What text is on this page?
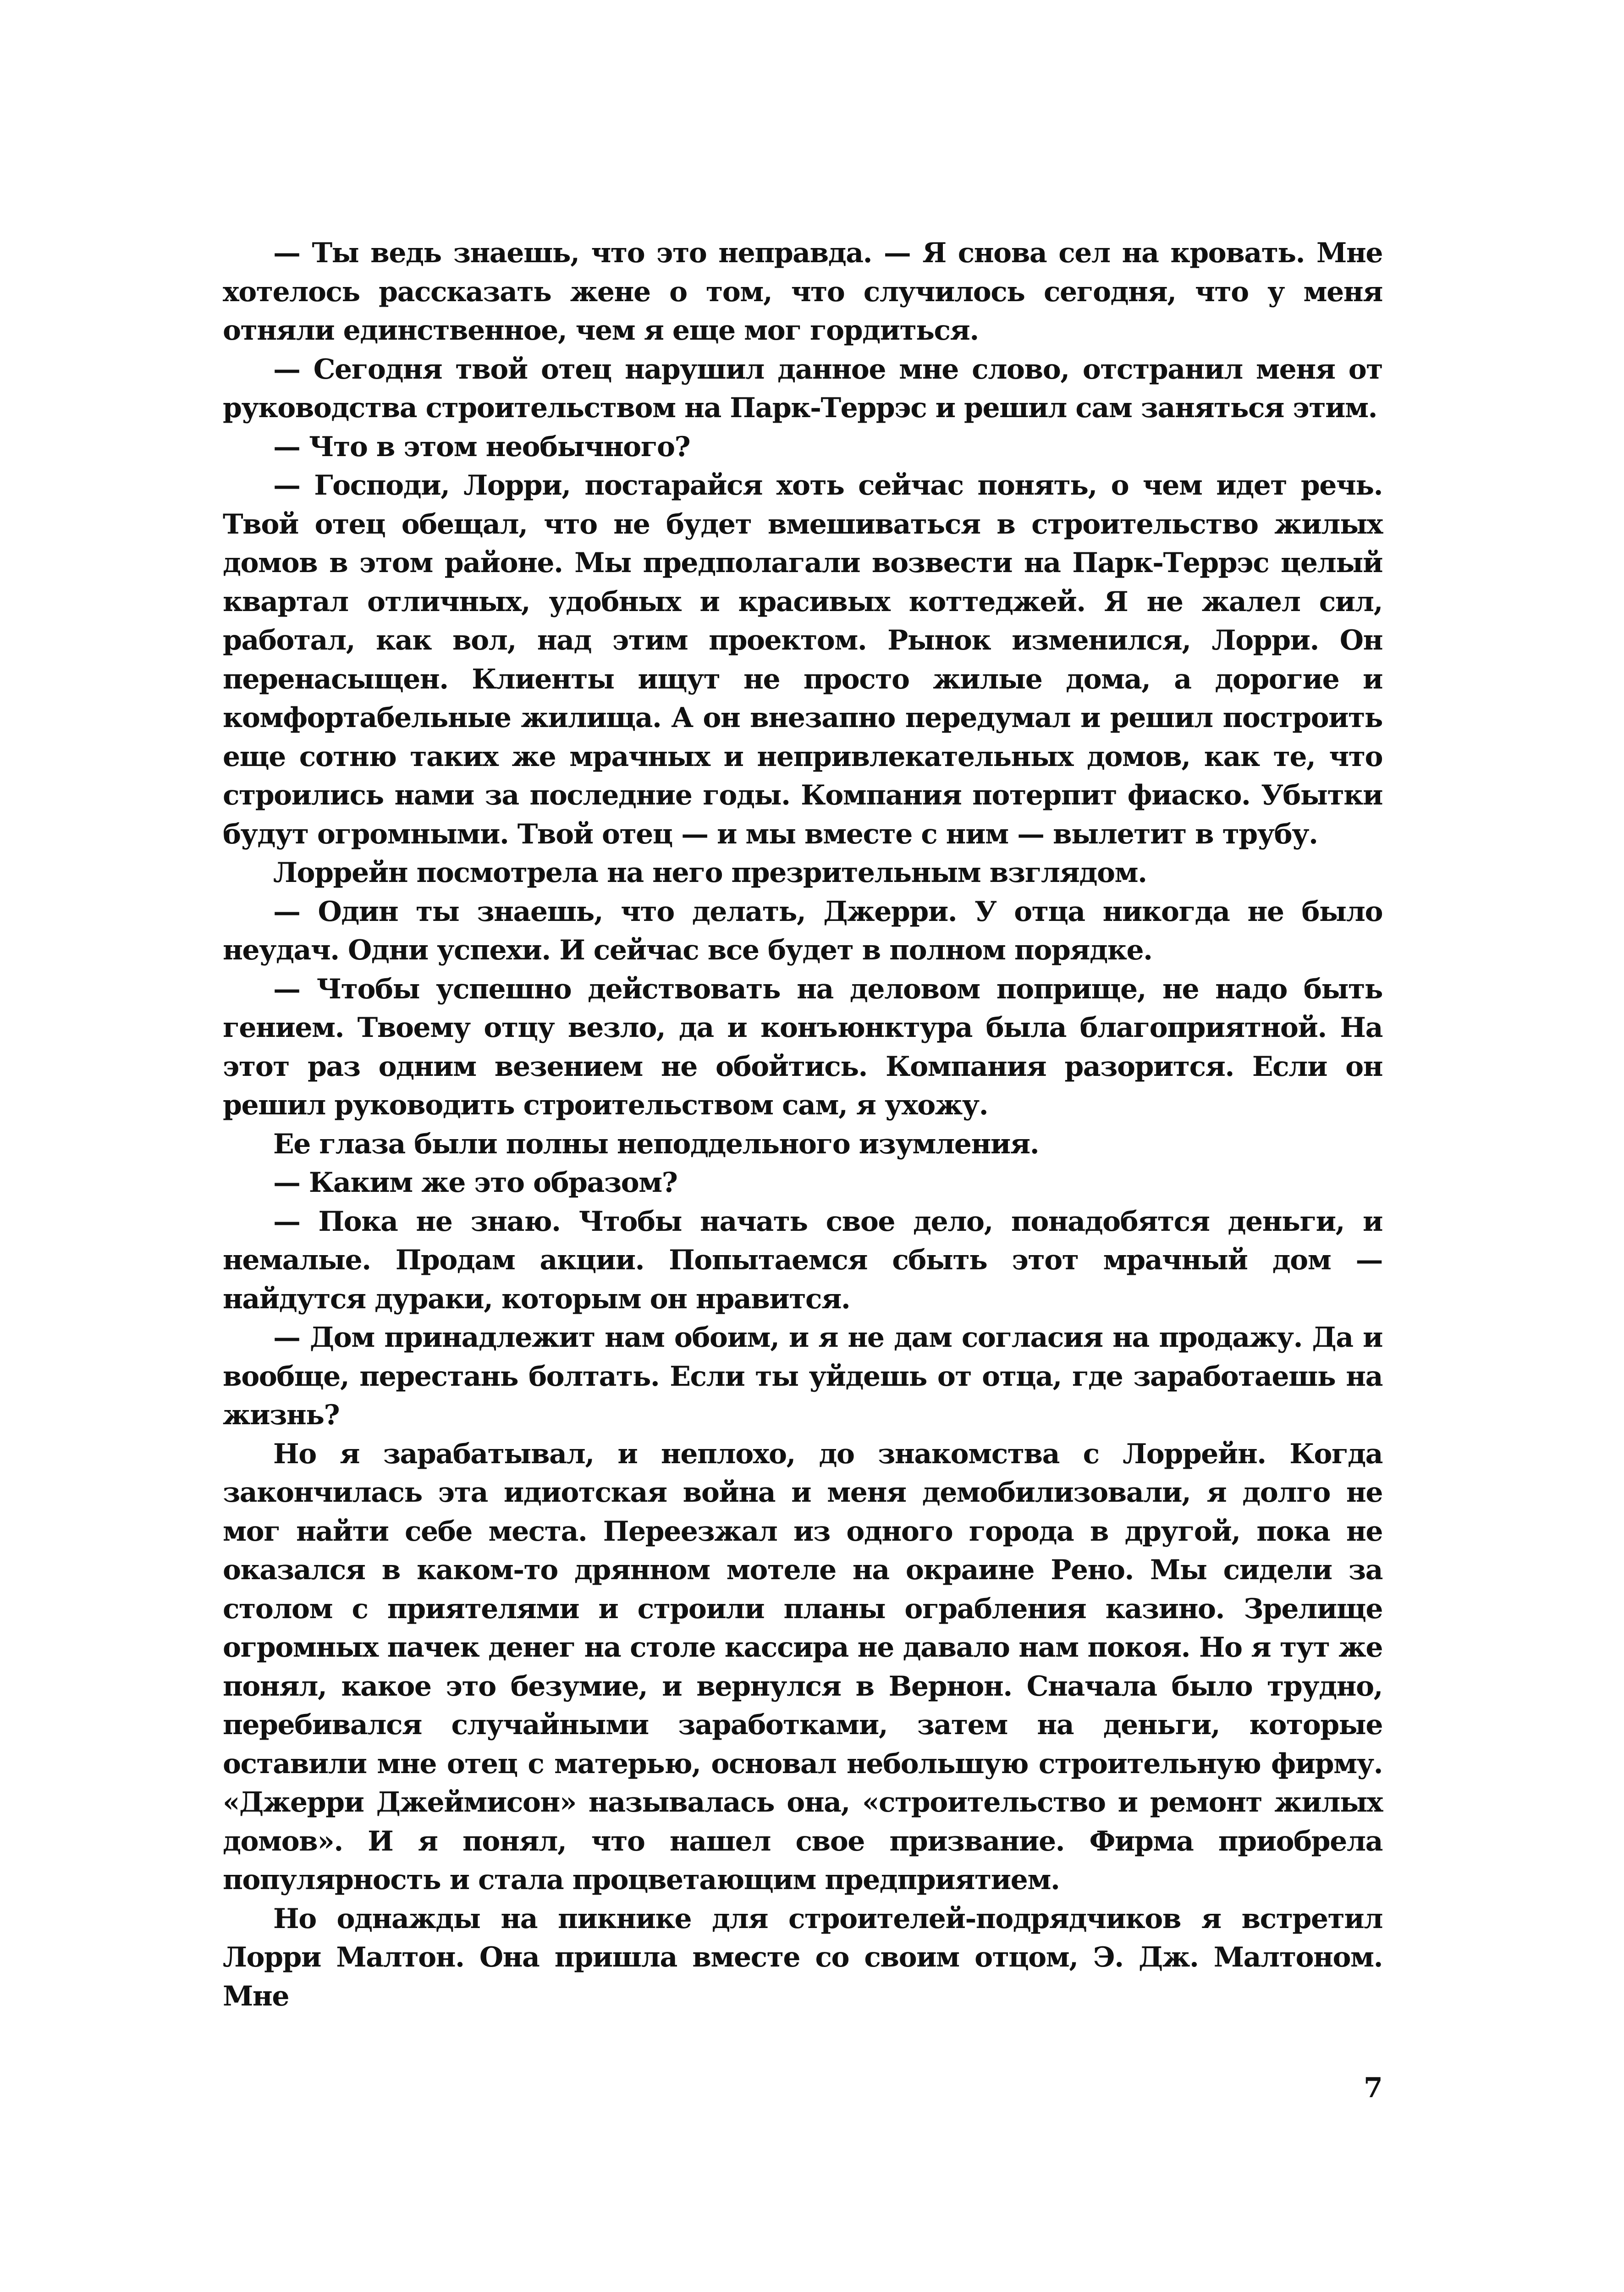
— Ты ведь знаешь, что это неправда. — Я снова сел на кровать. Мне хотелось рассказать жене о том, что случилось сегодня, что у меня отняли единственное, чем я еще мог гордиться.

— Сегодня твой отец нарушил данное мне слово, отстранил меня от руководства строительством на Парк-Террэс и решил сам заняться этим.

— Что в этом необычного?

— Господи, Лорри, постарайся хоть сейчас понять, о чем идет речь. Твой отец обещал, что не будет вмешиваться в строительство жилых домов в этом районе. Мы предполагали возвести на Парк-Террэс целый квартал отличных, удобных и красивых коттеджей. Я не жалел сил, работал, как вол, над этим проектом. Рынок изменился, Лорри. Он перенасыщен. Клиенты ищут не просто жилые дома, а дорогие и комфортабельные жилища. А он внезапно передумал и решил построить еще сотню таких же мрачных и непривлекательных домов, как те, что строились нами за последние годы. Компания потерпит фиаско. Убытки будут огромными. Твой отец — и мы вместе с ним — вылетит в трубу.

Лоррейн посмотрела на него презрительным взглядом.

— Один ты знаешь, что делать, Джерри. У отца никогда не было неудач. Одни успехи. И сейчас все будет в полном порядке.

— Чтобы успешно действовать на деловом поприще, не надо быть гением. Твоему отцу везло, да и конъюнктура была благоприятной. На этот раз одним везением не обойтись. Компания разорится. Если он решил руководить строительством сам, я ухожу.

Ее глаза были полны неподдельного изумления.

— Каким же это образом?

— Пока не знаю. Чтобы начать свое дело, понадобятся деньги, и немалые. Продам акции. Попытаемся сбыть этот мрачный дом — найдутся дураки, которым он нравится.

— Дом принадлежит нам обоим, и я не дам согласия на продажу. Да и вообще, перестань болтать. Если ты уйдешь от отца, где заработаешь на жизнь?

Но я зарабатывал, и неплохо, до знакомства с Лоррейн. Когда закончилась эта идиотская война и меня демобилизовали, я долго не мог найти себе места. Переезжал из одного города в другой, пока не оказался в каком-то дрянном мотеле на окраине Рено. Мы сидели за столом с приятелями и строили планы ограбления казино. Зрелище огромных пачек денег на столе кассира не давало нам покоя. Но я тут же понял, какое это безумие, и вернулся в Вернон. Сначала было трудно, перебивался случайными заработками, затем на деньги, которые оставили мне отец с матерью, основал небольшую строительную фирму. «Джерри Джеймисон» называлась она, «строительство и ремонт жилых домов». И я понял, что нашел свое призвание. Фирма приобрела популярность и стала процветающим предприятием.

Но однажды на пикнике для строителей-подрядчиков я встретил Лорри Малтон. Она пришла вместе со своим отцом, Э. Дж. Малтоном. Мне

7
